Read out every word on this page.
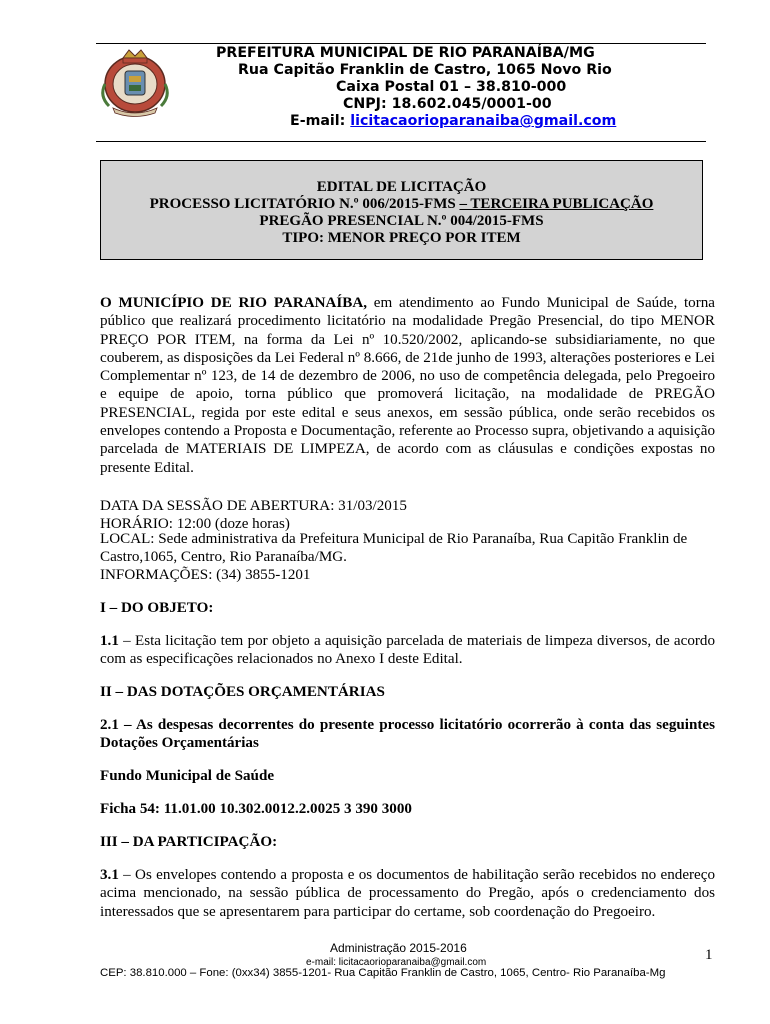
PREFEITURA MUNICIPAL DE RIO PARANAÍBA/MG
Rua Capitão Franklin de Castro, 1065 Novo Rio
Caixa Postal 01 – 38.810-000
CNPJ: 18.602.045/0001-00
E-mail: licitacaorioparanaiba@gmail.com
EDITAL DE LICITAÇÃO
PROCESSO LICITATÓRIO N.º 006/2015-FMS – TERCEIRA PUBLICAÇÃO
PREGÃO PRESENCIAL N.º 004/2015-FMS
TIPO: MENOR PREÇO POR ITEM
O MUNICÍPIO DE RIO PARANAÍBA, em atendimento ao Fundo Municipal de Saúde, torna público que realizará procedimento licitatório na modalidade Pregão Presencial, do tipo MENOR PREÇO POR ITEM, na forma da Lei nº 10.520/2002, aplicando-se subsidiariamente, no que couberem, as disposições da Lei Federal nº 8.666, de 21de junho de 1993, alterações posteriores e Lei Complementar nº 123, de 14 de dezembro de 2006, no uso de competência delegada, pelo Pregoeiro e equipe de apoio, torna público que promoverá licitação, na modalidade de PREGÃO PRESENCIAL, regida por este edital e seus anexos, em sessão pública, onde serão recebidos os envelopes contendo a Proposta e Documentação, referente ao Processo supra, objetivando a aquisição parcelada de MATERIAIS DE LIMPEZA, de acordo com as cláusulas e condições expostas no presente Edital.
DATA DA SESSÃO DE ABERTURA: 31/03/2015
HORÁRIO: 12:00 (doze horas)
LOCAL: Sede administrativa da Prefeitura Municipal de Rio Paranaíba, Rua Capitão Franklin de Castro,1065, Centro, Rio Paranaíba/MG.
INFORMAÇÕES: (34) 3855-1201
I – DO OBJETO:
1.1 – Esta licitação tem por objeto a aquisição parcelada de materiais de limpeza diversos, de acordo com as especificações relacionados no Anexo I deste Edital.
II – DAS DOTAÇÕES ORÇAMENTÁRIAS
2.1 – As despesas decorrentes do presente processo licitatório ocorrerão à conta das seguintes Dotações Orçamentárias
Fundo Municipal de Saúde
Ficha 54: 11.01.00 10.302.0012.2.0025 3 390 3000
III – DA PARTICIPAÇÃO:
3.1 – Os envelopes contendo a proposta e os documentos de habilitação serão recebidos no endereço acima mencionado, na sessão pública de processamento do Pregão, após o credenciamento dos interessados que se apresentarem para participar do certame, sob coordenação do Pregoeiro.
Administração 2015-2016	1
e-mail: licitacaorioparanaiba@gmail.com
CEP: 38.810.000 – Fone: (0xx34) 3855-1201- Rua Capitão Franklin de Castro, 1065, Centro- Rio Paranaíba-Mg
